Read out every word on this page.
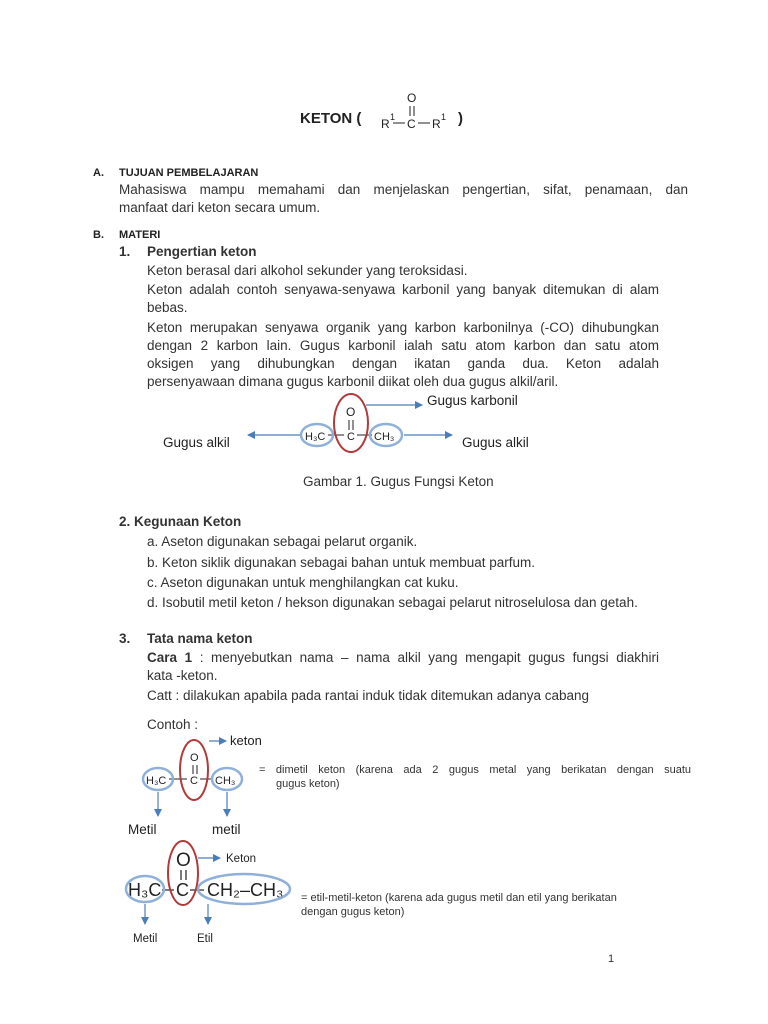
KETON (
O
R 1 C R 1 )
A. TUJUAN PEMBELAJARAN
Mahasiswa mampu memahami dan menjelaskan pengertian, sifat, penamaan, dan
manfaat dari keton secara umum.
B. MATERI
1. Pengertian keton
Keton berasal dari alkohol sekunder yang teroksidasi.
Keton adalah contoh senyawa-senyawa karbonil yang banyak ditemukan di alam
bebas.
Keton merupakan senyawa organik yang karbon karbonilnya (-CO) dihubungkan
dengan 2 karbon lain. Gugus karbonil ialah satu atom karbon dan satu atom
oksigen yang dihubungkan dengan ikatan ganda dua. Keton adalah
persenyawaan dimana gugus karbonil diikat oleh dua gugus alkil/aril.
O
H₃C C CH₃
Gugus karbonil
Gugus alkil	Gugus alkil
Gambar 1. Gugus Fungsi Keton
2. Kegunaan Keton
a. Aseton digunakan sebagai pelarut organik.
b. Keton siklik digunakan sebagai bahan untuk membuat parfum.
c. Aseton digunakan untuk menghilangkan cat kuku.
d. Isobutil metil keton / hekson digunakan sebagai pelarut nitroselulosa dan getah.
3. Tata nama keton
Cara 1 : menyebutkan nama – nama alkil yang mengapit gugus fungsi diakhiri
kata -keton.
Catt : dilakukan apabila pada rantai induk tidak ditemukan adanya cabang
Contoh :
O
H₃C C CH₃
keton
Metil	metil
= dimetil keton (karena ada 2 gugus metal yang berikatan dengan suatu
gugus keton)
O
H₃C C CH₂–CH₃
Keton
Metil	Etil
= etil-metil-keton (karena ada gugus metil dan etil yang berikatan
dengan gugus keton)
1
